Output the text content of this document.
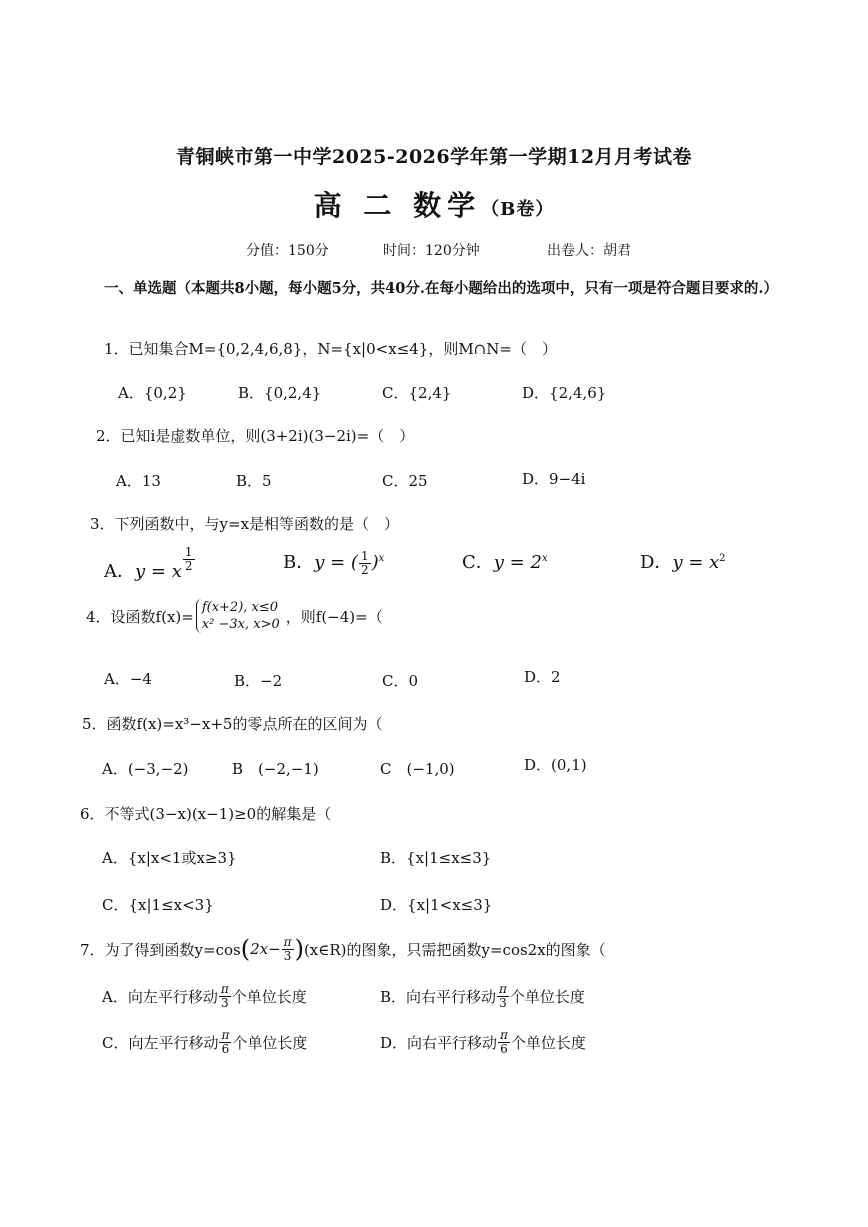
青铜峡市第一中学2025-2026学年第一学期12月月考试卷
高 二 数学（B卷）
分值：150分	时间：120分钟	出卷人：胡君
一、单选题（本题共8小题，每小题5分，共40分.在每小题给出的选项中，只有一项是符合题目要求的.）
1．已知集合M={0,2,4,6,8}，N={x|0<x≤4}，则M∩N=（　）
A．{0,2}	B．{0,2,4}	C．{2,4}	D．{2,4,6}
2．已知i是虚数单位，则(3+2i)(3−2i)=（　）
A．13	B．5	C．25	D．9−4i
3．下列函数中，与y=x是相等函数的是（　）
A．y = x $^{\frac{1}{2}}$	B．y = ( $\frac{1}{2} )^x$	C．$y = 2^x$	D．$y = x^2$
4．设函数f(x)= f(x+2), x≤0
x² −3x, x>0 ，则f(−4)=（
A．−4	B．−2	C．0	D．2
5．函数f(x)=x³−x+5的零点所在的区间为（
A．(−3,−2)	B　(−2,−1)	C　(−1,0)	D．(0,1)
6．不等式(3−x)(x−1)≥0的解集是（
A．{x|x<1或x≥3}	B．{x|1≤x≤3}
C．{x|1≤x<3}	D．{x|1<x≤3}
7．为了得到函数y=cos ( $2x- \frac{\pi}{3}$ ) (x∈R)的图象，只需把函数y=cos2x的图象（
A．向左平行移动 $\frac{\pi}{3}$ 个单位长度	B．向右平行移动 $\frac{\pi}{3}$ 个单位长度
C．向左平行移动 $\frac{\pi}{6}$ 个单位长度	D．向右平行移动 $\frac{\pi}{6}$ 个单位长度
